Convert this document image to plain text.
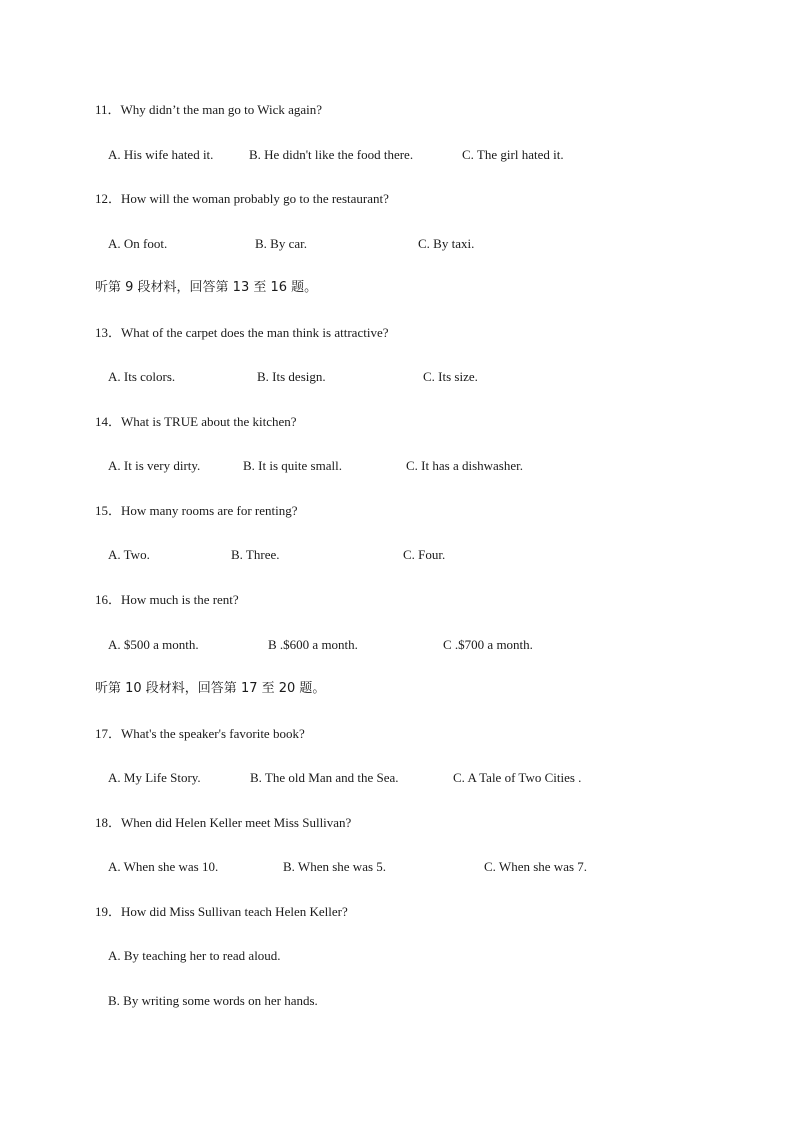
11．Why didn’t the man go to Wick again?
A. His wife hated it.	B. He didn't like the food there.	C. The girl hated it.
12．How will the woman probably go to the restaurant?
A. On foot.	B. By car.	C. By taxi.
听第 9 段材料，回答第 13 至 16 题。
13．What of the carpet does the man think is attractive?
A. Its colors.	B. Its design.	C. Its size.
14．What is TRUE about the kitchen?
A. It is very dirty.	B. It is quite small.	C. It has a dishwasher.
15．How many rooms are for renting?
A. Two.	B. Three.	C. Four.
16．How much is the rent?
A. $500 a month.	B .$600 a month.	C .$700 a month.
听第 10 段材料，回答第 17 至 20 题。
17．What's the speaker's favorite book?
A. My Life Story.	B. The old Man and the Sea.	C. A Tale of Two Cities .
18．When did Helen Keller meet Miss Sullivan?
A. When she was 10.	B. When she was 5.	C. When she was 7.
19．How did Miss Sullivan teach Helen Keller?
A. By teaching her to read aloud.
B. By writing some words on her hands.
